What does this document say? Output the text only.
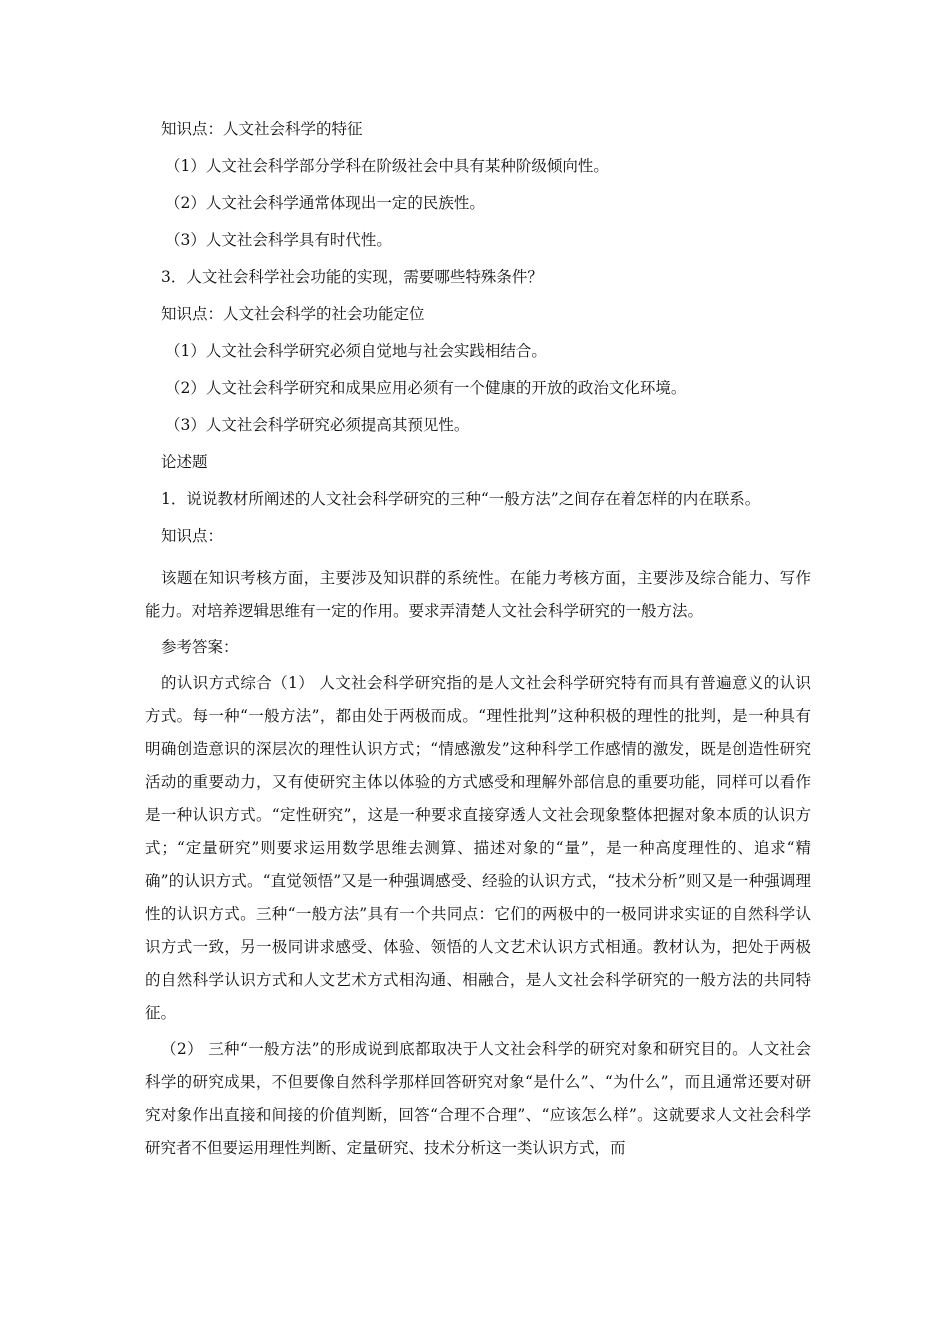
知识点：人文社会科学的特征

（1）人文社会科学部分学科在阶级社会中具有某种阶级倾向性。

（2）人文社会科学通常体现出一定的民族性。

（3）人文社会科学具有时代性。

3．人文社会科学社会功能的实现，需要哪些特殊条件？

知识点：人文社会科学的社会功能定位

（1）人文社会科学研究必须自觉地与社会实践相结合。

（2）人文社会科学研究和成果应用必须有一个健康的开放的政治文化环境。

（3）人文社会科学研究必须提高其预见性。

论述题

1．说说教材所阐述的人文社会科学研究的三种“一般方法”之间存在着怎样的内在联系。

知识点：

该题在知识考核方面，主要涉及知识群的系统性。在能力考核方面，主要涉及综合能力、写作能力。对培养逻辑思维有一定的作用。要求弄清楚人文社会科学研究的一般方法。

参考答案：

的认识方式综合（1） 人文社会科学研究指的是人文社会科学研究特有而具有普遍意义的认识方式。每一种“一般方法”，都由处于两极而成。“理性批判”这种积极的理性的批判，是一种具有明确创造意识的深层次的理性认识方式；“情感激发”这种科学工作感情的激发，既是创造性研究活动的重要动力，又有使研究主体以体验的方式感受和理解外部信息的重要功能，同样可以看作是一种认识方式。“定性研究”，这是一种要求直接穿透人文社会现象整体把握对象本质的认识方式；“定量研究”则要求运用数学思维去测算、描述对象的“量”，是一种高度理性的、追求“精确”的认识方式。“直觉领悟”又是一种强调感受、经验的认识方式，“技术分析”则又是一种强调理性的认识方式。三种“一般方法”具有一个共同点：它们的两极中的一极同讲求实证的自然科学认识方式一致，另一极同讲求感受、体验、领悟的人文艺术认识方式相通。教材认为，把处于两极的自然科学认识方式和人文艺术方式相沟通、相融合，是人文社会科学研究的一般方法的共同特征。

（2） 三种“一般方法”的形成说到底都取决于人文社会科学的研究对象和研究目的。人文社会科学的研究成果，不但要像自然科学那样回答研究对象“是什么”、“为什么”，而且通常还要对研究对象作出直接和间接的价值判断，回答“合理不合理”、“应该怎么样”。这就要求人文社会科学研究者不但要运用理性判断、定量研究、技术分析这一类认识方式，而
